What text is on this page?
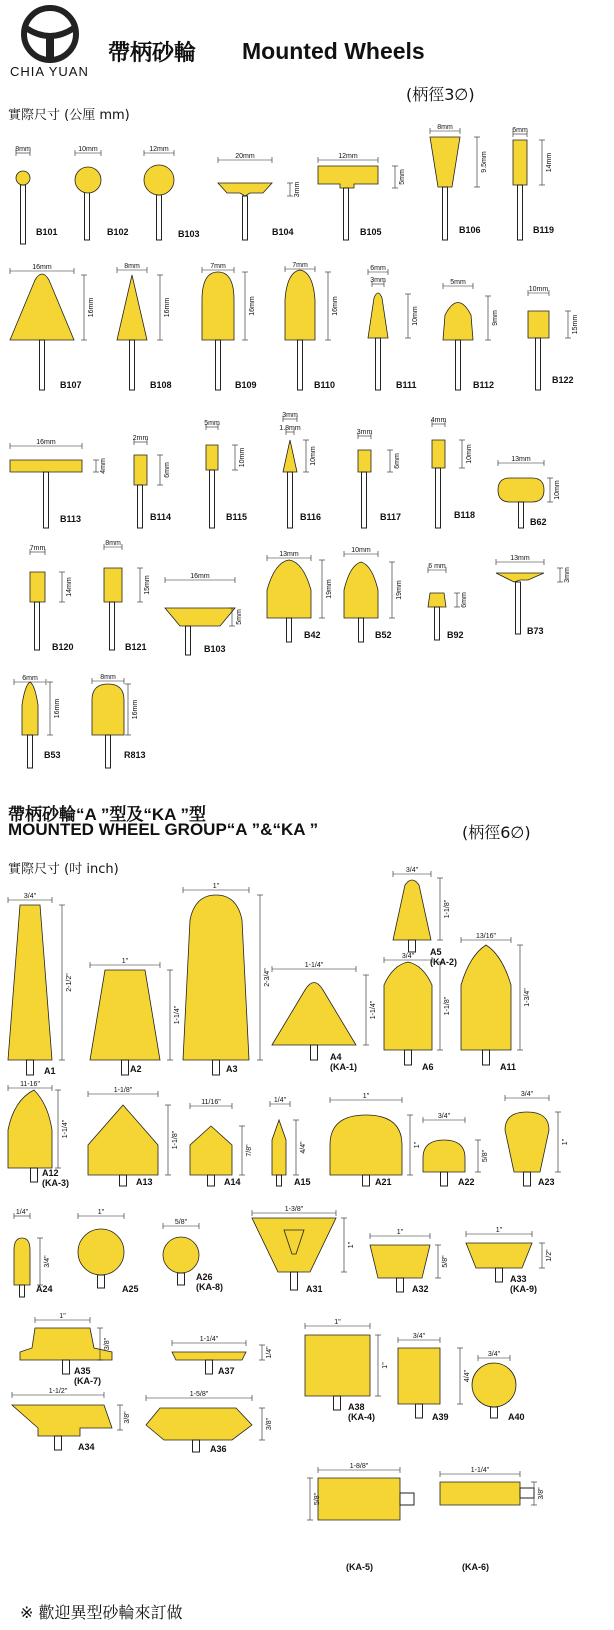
CHIA YUAN
帶柄砂輪 Mounted Wheels
(柄徑3∅)
實際尺寸 (公厘 mm)
帶柄砂輪“A ”型及“KA ”型
MOUNTED WHEEL GROUP“A ”&“KA ”	(柄徑6∅)
實際尺寸 (吋 inch)
※ 歡迎異型砂輪來訂做
8mm
B101
10mm
B102
12mm
B103
20mm
3mm
B104
12mm
5mm
B105
8mm
9.5mm
B106
6mm
14mm
B119
16mm
16mm
B107
8mm
16mm
B108
7mm
16mm
B109
7mm
16mm
B110
6mm
3mm
10mm
B111
5mm
9mm
B112
10mm
15mm
B122
16mm
4mm
B113
2mm
6mm
B114
5mm
10mm
B115
3mm
1.8mm
10mm
B116
3mm
6mm
B117
4mm
10mm
B118
13mm
10mm
B62
7mm
14mm
B120
8mm
15mm
B121
16mm
5mm
B103
13mm
19mm
B42
10mm
19mm
B52
6 mm
6mm
B92
13mm
3mm
B73
6mm
16mm
B53
8mm
16mm
R813
3/4"
2-1/2"
A1
1"
1-1/4"
A2
1"
2-3/4"
A3
1-1/4"
1-1/4"
A4
(KA-1)
3/4"
1-1/8"
A5
(KA-2)
3/4"
1-1/8"
A6
13/16"
1-3/4"
A11
11-16"
1-1/4"
A12
(KA-3)
1-1/8"
1-1/8"
A13
11/16"
7/8"
A14
1/4"
4/4"
A15
1"
1"
A21
3/4"
5/8"
A22
3/4"
1"
A23
1/4"
3/4"
A24
1"
A25
5/8"
A26
(KA-8)
1-3/8"
1"
A31
1"
5/8"
A32
1"
1/2"
A33
(KA-9)
1"
3/8"
A35
(KA-7)
1-1/4"
1/4"
A37
1"
1"
A38
(KA-4)
3/4"
4/4"
A39
3/4"
A40
1-1/2"
3/8"
A34
1-5/8"
3/8"
A36
1-8/8"
5/8"
(KA-5)
1-1/4"
3/8"
(KA-6)
